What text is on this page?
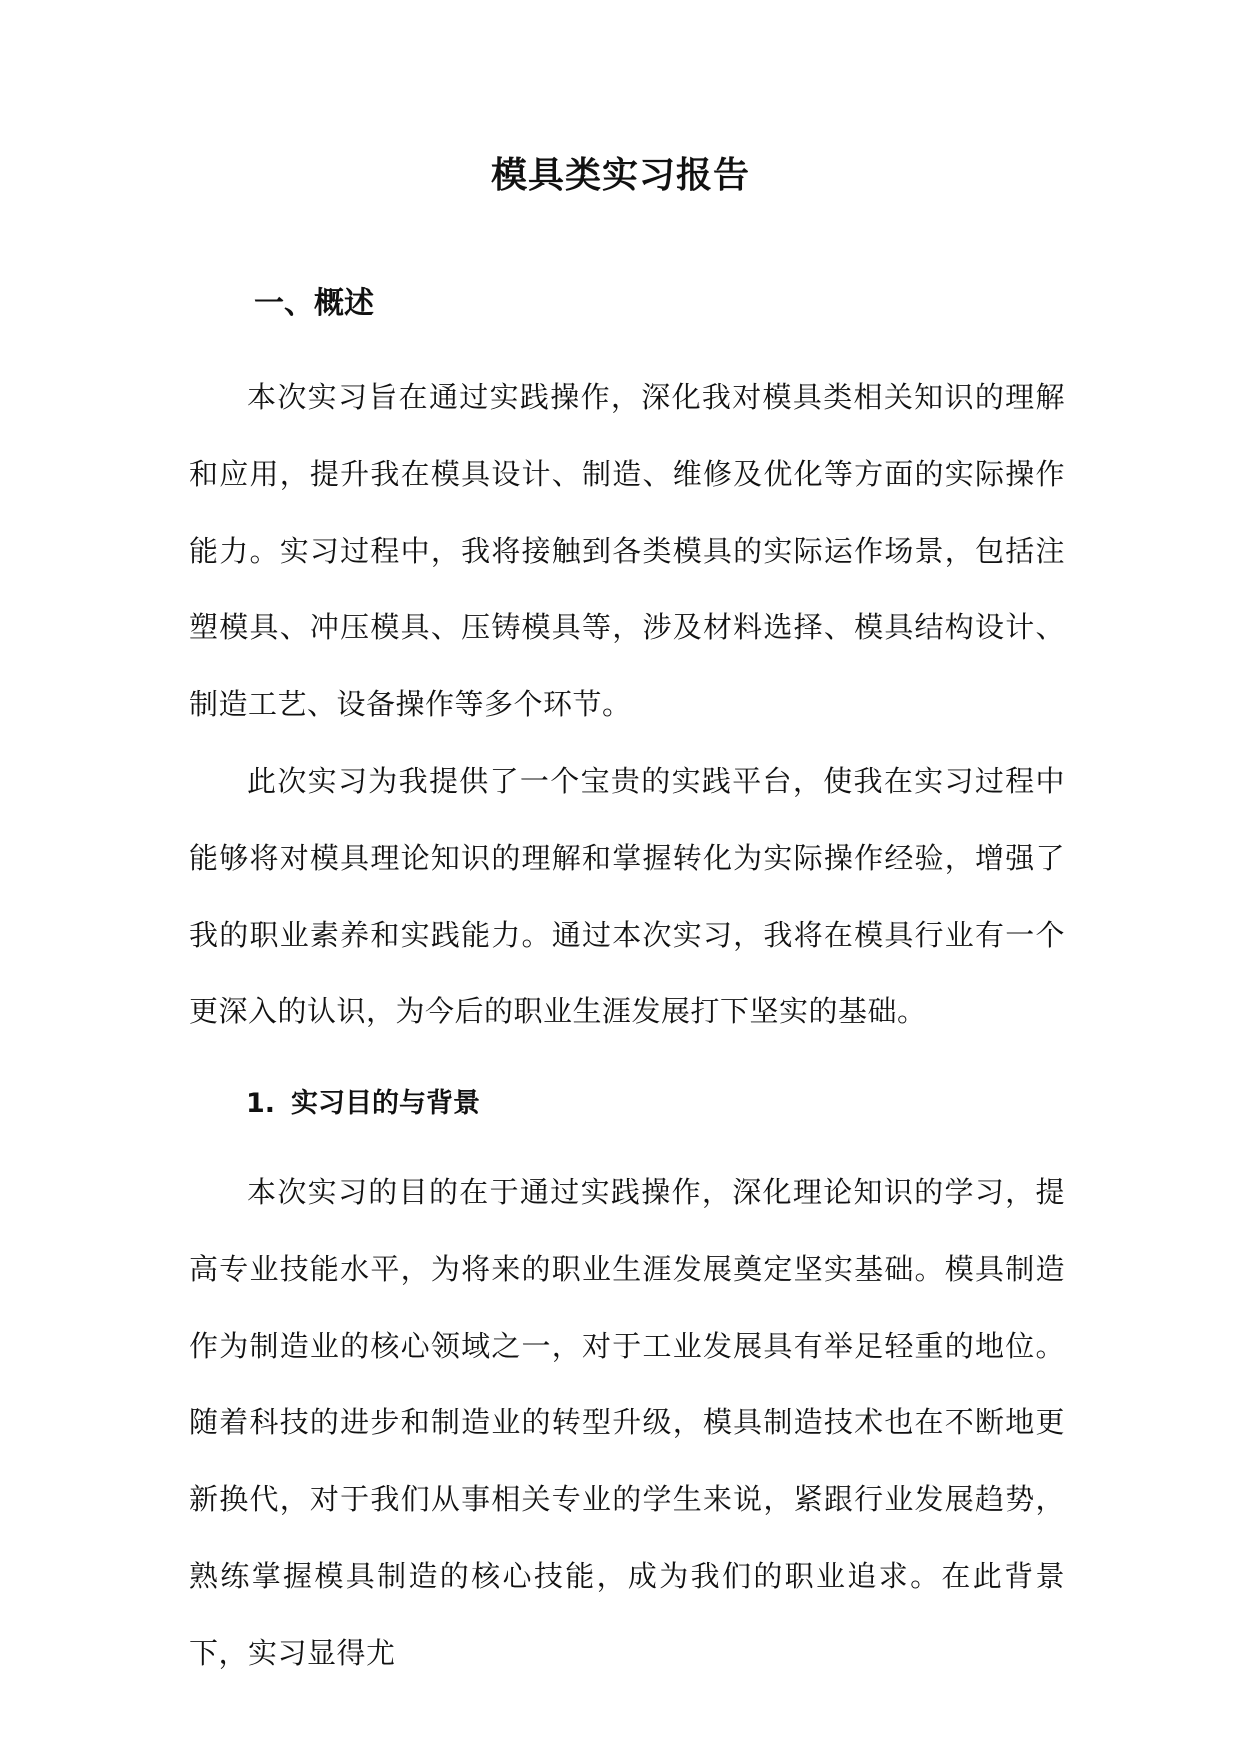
模具类实习报告
一、概述

本次实习旨在通过实践操作，深化我对模具类相关知识的理解和应用，提升我在模具设计、制造、维修及优化等方面的实际操作能力。实习过程中，我将接触到各类模具的实际运作场景，包括注塑模具、冲压模具、压铸模具等，涉及材料选择、模具结构设计、制造工艺、设备操作等多个环节。

此次实习为我提供了一个宝贵的实践平台，使我在实习过程中能够将对模具理论知识的理解和掌握转化为实际操作经验，增强了我的职业素养和实践能力。通过本次实习，我将在模具行业有一个更深入的认识，为今后的职业生涯发展打下坚实的基础。

1. 实习目的与背景

本次实习的目的在于通过实践操作，深化理论知识的学习，提高专业技能水平，为将来的职业生涯发展奠定坚实基础。模具制造作为制造业的核心领域之一，对于工业发展具有举足轻重的地位。随着科技的进步和制造业的转型升级，模具制造技术也在不断地更新换代，对于我们从事相关专业的学生来说，紧跟行业发展趋势，熟练掌握模具制造的核心技能，成为我们的职业追求。在此背景下，实习显得尤
